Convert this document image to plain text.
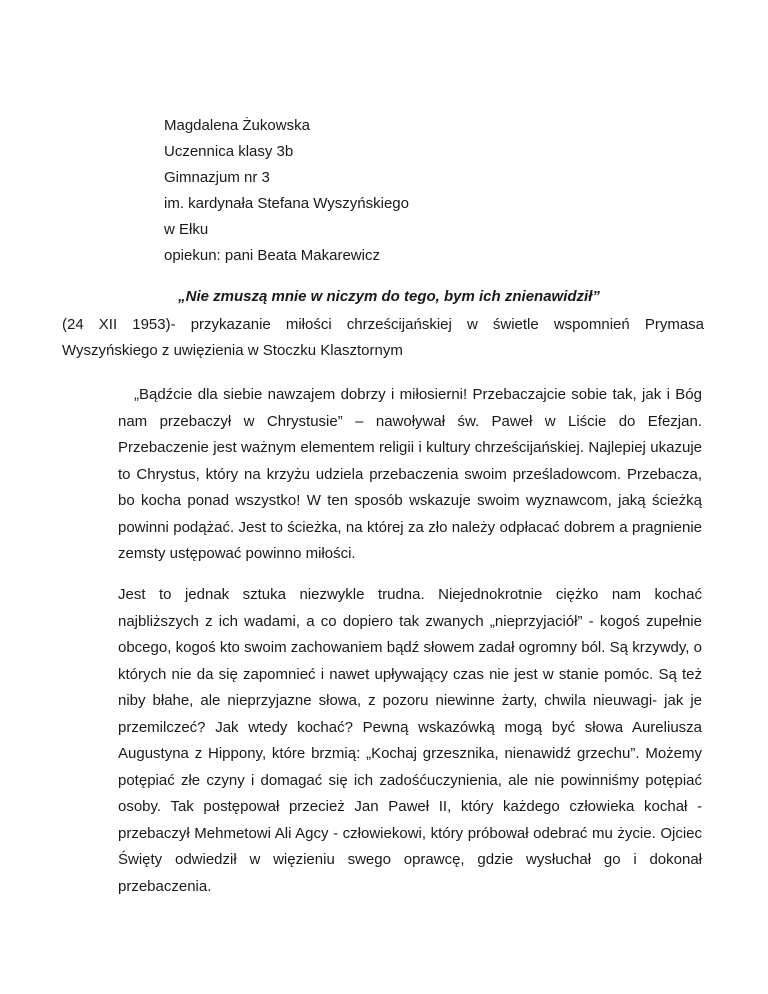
Magdalena Żukowska
Uczennica klasy 3b
Gimnazjum nr 3
im. kardynała Stefana Wyszyńskiego
w Ełku
opiekun: pani Beata Makarewicz
„Nie zmuszą mnie w niczym do tego, bym ich znienawidził”
(24 XII 1953)- przykazanie miłości chrześcijańskiej w świetle wspomnień Prymasa Wyszyńskiego z uwięzienia w Stoczku Klasztornym
„Bądźcie dla siebie nawzajem dobrzy i miłosierni! Przebaczajcie sobie tak, jak i Bóg nam przebaczył w Chrystusie” – nawoływał św. Paweł w Liście do Efezjan. Przebaczenie jest ważnym elementem religii i kultury chrześcijańskiej. Najlepiej ukazuje to Chrystus, który na krzyżu udziela przebaczenia swoim prześladowcom. Przebacza, bo kocha ponad wszystko! W ten sposób wskazuje swoim wyznawcom, jaką ścieżką powinni podążać. Jest to ścieżka, na której za zło należy odpłacać dobrem a pragnienie zemsty ustępować powinno miłości.
Jest to jednak sztuka niezwykle trudna. Niejednokrotnie ciężko nam kochać najbliższych z ich wadami, a co dopiero tak zwanych „nieprzyjaciół” - kogoś zupełnie obcego, kogoś kto swoim zachowaniem bądź słowem zadał ogromny ból. Są krzywdy, o których nie da się zapomnieć i nawet upływający czas nie jest w stanie pomóc. Są też niby błahe, ale nieprzyjazne słowa, z pozoru niewinne żarty, chwila nieuwagi- jak je przemilczeć? Jak wtedy kochać? Pewną wskazówką mogą być słowa Aureliusza Augustyna z Hippony, które brzmią: „Kochaj grzesznika, nienawidź grzechu”. Możemy potępiać złe czyny i domagać się ich zadośćuczynienia, ale nie powinniśmy potępiać osoby. Tak postępował przecież Jan Paweł II, który każdego człowieka kochał - przebaczył Mehmetowi Ali Agcy - człowiekowi, który próbował odebrać mu życie. Ojciec Święty odwiedził w więzieniu swego oprawcę, gdzie wysłuchał go i dokonał przebaczenia.
